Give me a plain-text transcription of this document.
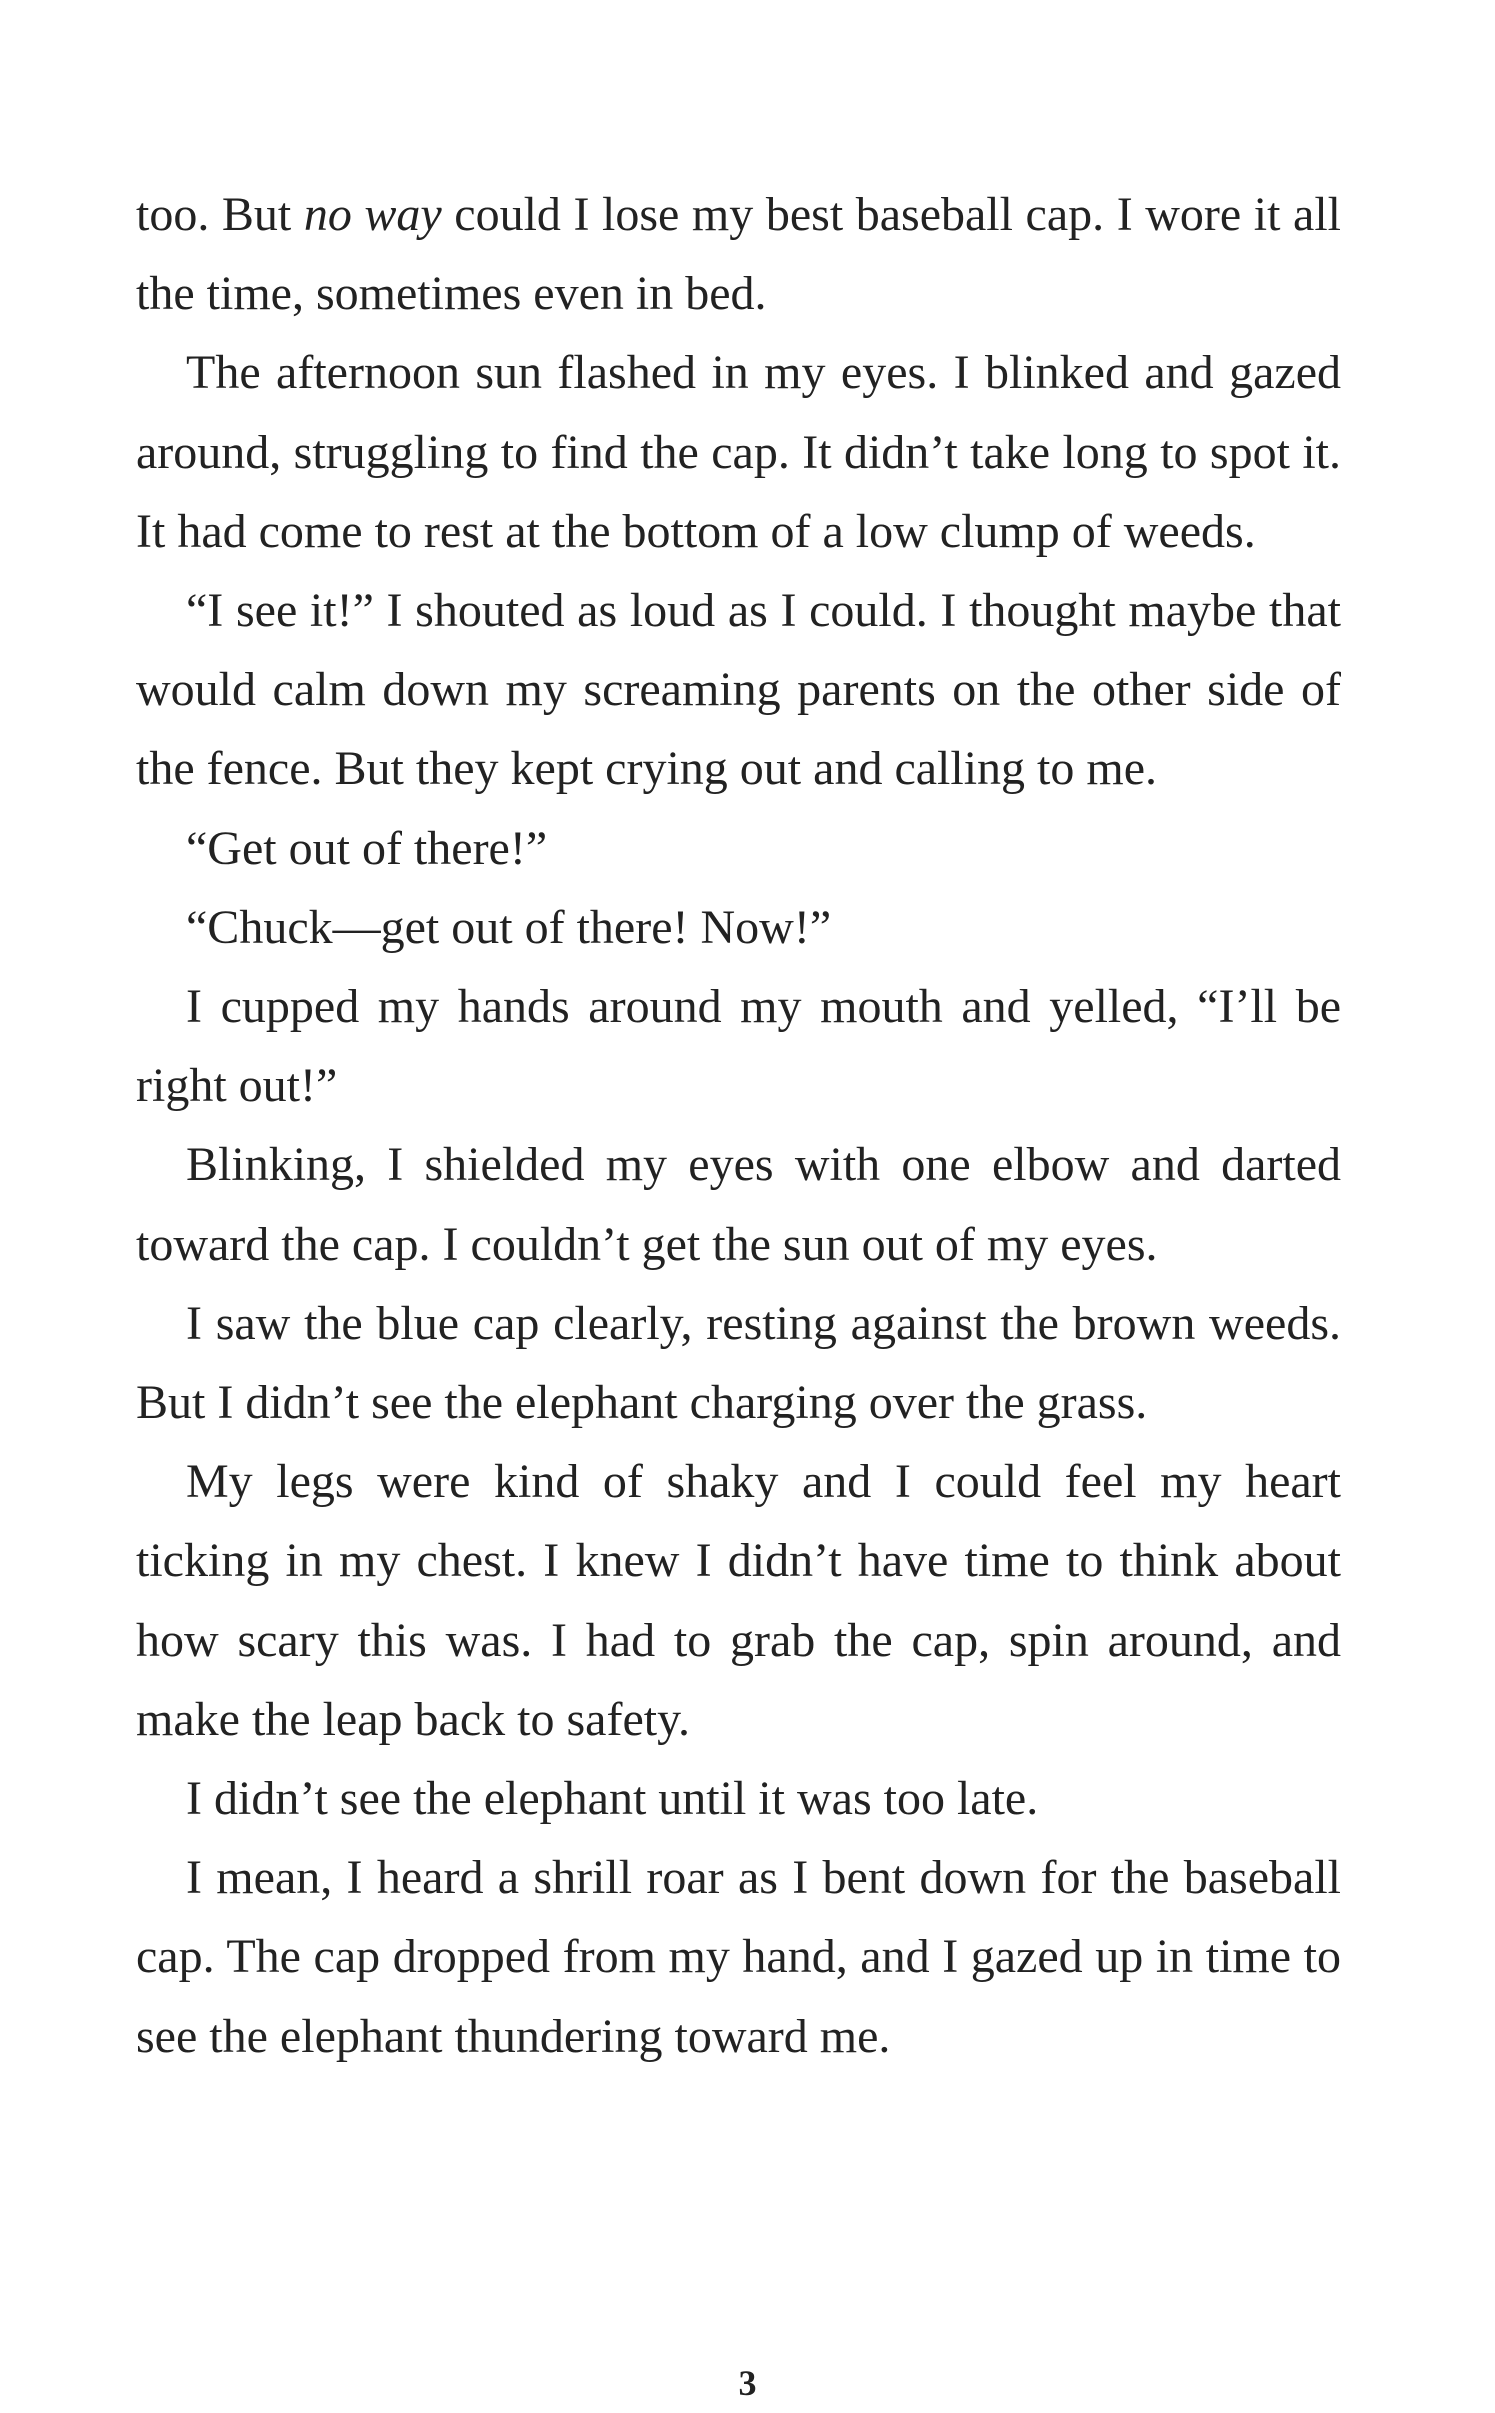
too. But no way could I lose my best baseball cap. I wore it all the time, sometimes even in bed.

The afternoon sun flashed in my eyes. I blinked and gazed around, struggling to find the cap. It didn’t take long to spot it. It had come to rest at the bottom of a low clump of weeds.

“I see it!” I shouted as loud as I could. I thought maybe that would calm down my screaming parents on the other side of the fence. But they kept crying out and calling to me.

“Get out of there!”

“Chuck—get out of there! Now!”

I cupped my hands around my mouth and yelled, “I’ll be right out!”

Blinking, I shielded my eyes with one elbow and darted toward the cap. I couldn’t get the sun out of my eyes.

I saw the blue cap clearly, resting against the brown weeds. But I didn’t see the elephant charging over the grass.

My legs were kind of shaky and I could feel my heart ticking in my chest. I knew I didn’t have time to think about how scary this was. I had to grab the cap, spin around, and make the leap back to safety.

I didn’t see the elephant until it was too late.

I mean, I heard a shrill roar as I bent down for the baseball cap. The cap dropped from my hand, and I gazed up in time to see the elephant thundering toward me.

3
